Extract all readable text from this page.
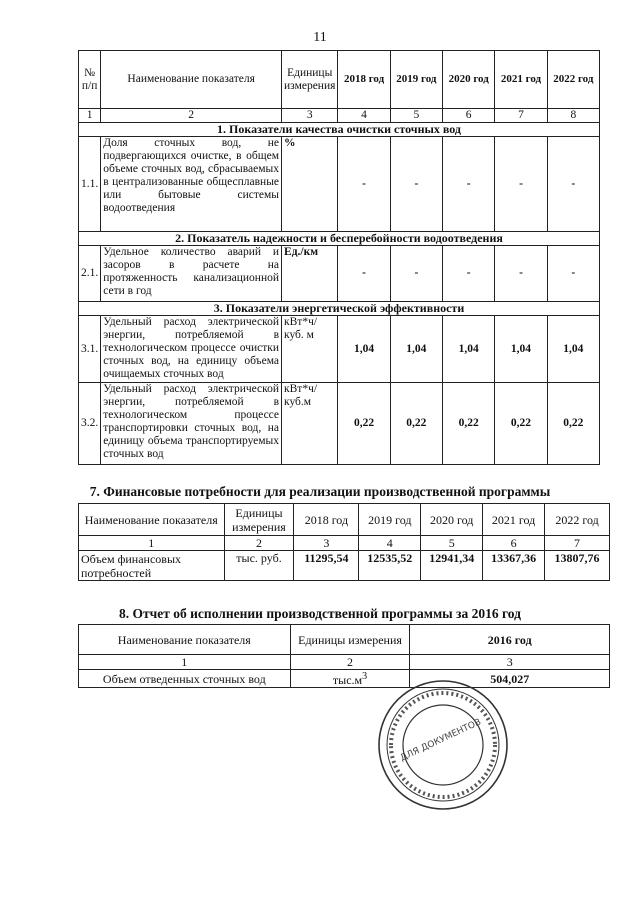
11
№ п/п	Наименование показателя	Единицы измерения	2018 год	2019 год	2020 год	2021 год	2022 год
1	2	3	4	5	6	7	8
1. Показатели качества очистки сточных вод							
1.1.	Доля сточных вод, не подвергающихся очистке, в общем объеме сточных вод, сбрасываемых в централизованные общесплавные или бытовые системы водоотведения	%	-	-	-	-	-
2. Показатель надежности и бесперебойности водоотведения							
2.1.	Удельное количество аварий и засоров в расчете на протяженность канализационной сети в год	Ед./км	-	-	-	-	-
3. Показатели энергетической эффективности							
3.1.	Удельный расход электрической энергии, потребляемой в технологическом процессе очистки сточных вод, на единицу объема очищаемых сточных вод	кВт*ч/куб. м	1,04	1,04	1,04	1,04	1,04
3.2.	Удельный расход электрической энергии, потребляемой в технологическом процессе транспортировки сточных вод, на единицу объема транспортируемых сточных вод	кВт*ч/куб.м	0,22	0,22	0,22	0,22	0,22
7. Финансовые потребности для реализации производственной программы
Наименование показателя	Единицы измерения	2018 год	2019 год	2020 год	2021 год	2022 год
1	2	3	4	5	6	7
Объем финансовых потребностей	тыс. руб.	11295,54	12535,52	12941,34	13367,36	13807,76
8. Отчет об исполнении производственной программы за 2016 год
Наименование показателя	Единицы измерения	2016 год
1	2	3
Объем отведенных сточных вод	$тыс.м^3$	504,027
ДЛЯ ДОКУМЕНТОВ
